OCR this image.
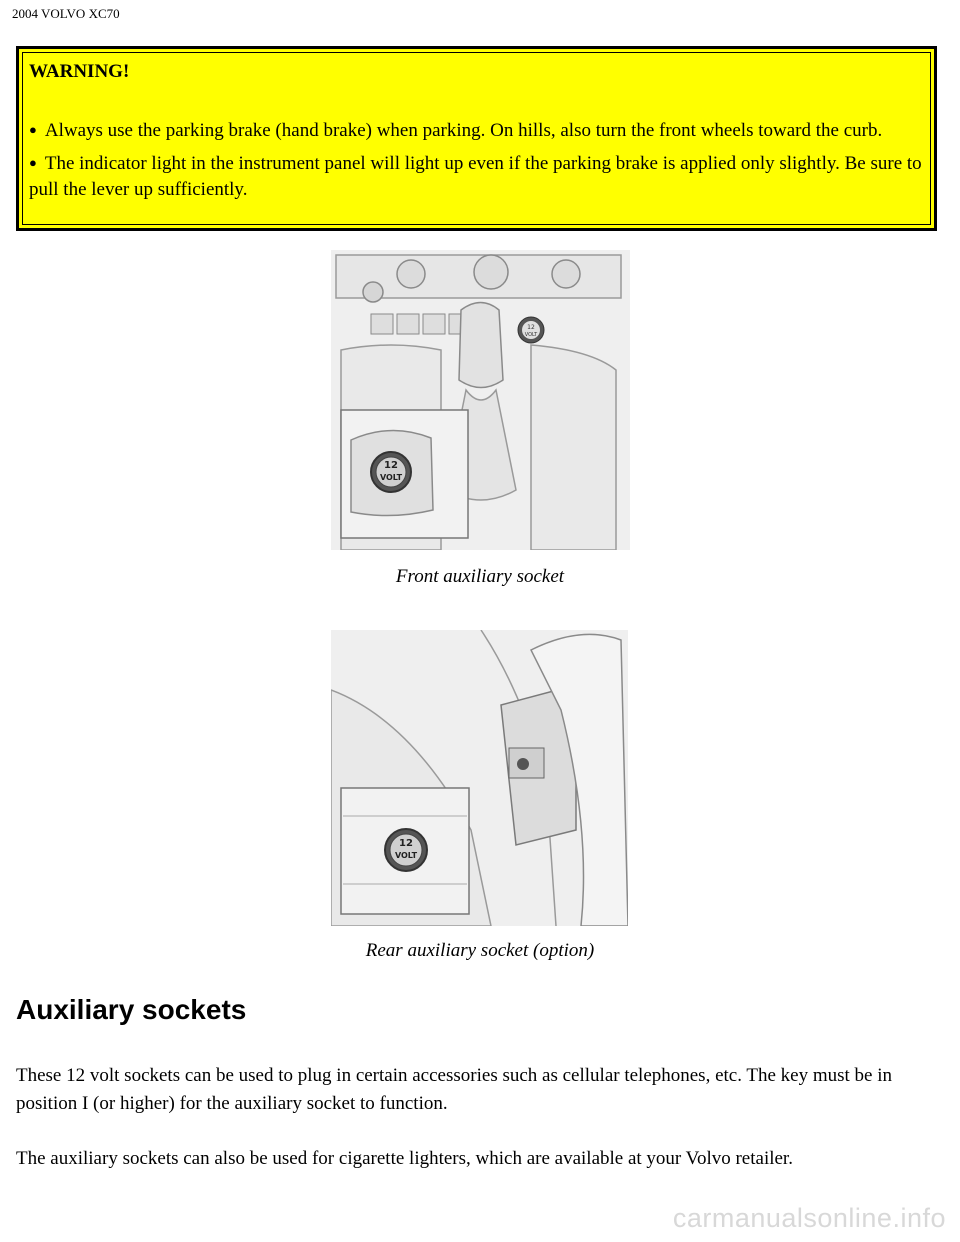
2004 VOLVO XC70
WARNING!
● Always use the parking brake (hand brake) when parking. On hills, also turn the front wheels toward the curb.
● The indicator light in the instrument panel will light up even if the parking brake is applied only slightly. Be sure to pull the lever up sufficiently.
12
VOLT
12
VOLT
Front auxiliary socket
12
VOLT
Rear auxiliary socket (option)
Auxiliary sockets
These 12 volt sockets can be used to plug in certain accessories such as cellular telephones, etc. The key must be in position I (or higher) for the auxiliary socket to function.
The auxiliary sockets can also be used for cigarette lighters, which are available at your Volvo retailer.
carmanualsonline.info
